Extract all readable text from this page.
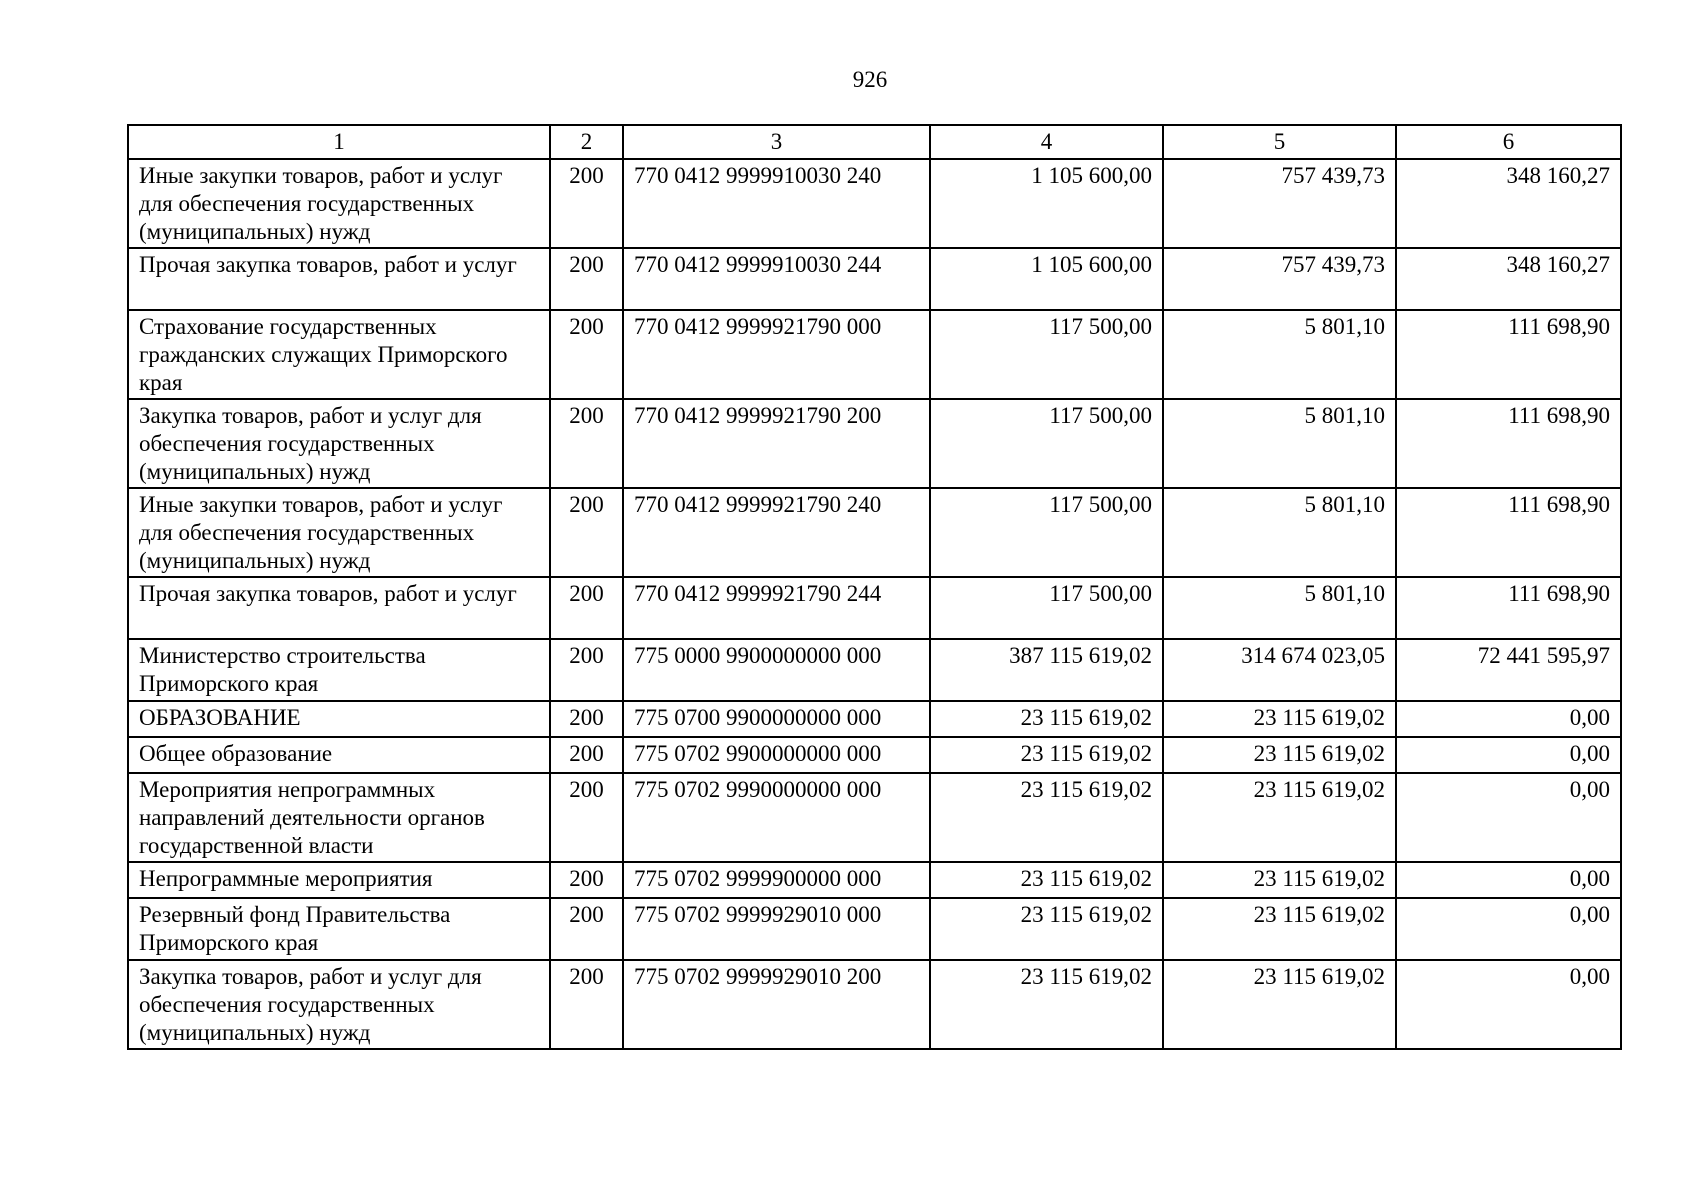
926
1	2	3	4	5	6
Иные закупки товаров, работ и услуг для обеспечения государственных (муниципальных) нужд	200	770 0412 9999910030 240	1 105 600,00	757 439,73	348 160,27
Прочая закупка товаров, работ и услуг	200	770 0412 9999910030 244	1 105 600,00	757 439,73	348 160,27
Страхование государственных гражданских служащих Приморского края	200	770 0412 9999921790 000	117 500,00	5 801,10	111 698,90
Закупка товаров, работ и услуг для обеспечения государственных (муниципальных) нужд	200	770 0412 9999921790 200	117 500,00	5 801,10	111 698,90
Иные закупки товаров, работ и услуг для обеспечения государственных (муниципальных) нужд	200	770 0412 9999921790 240	117 500,00	5 801,10	111 698,90
Прочая закупка товаров, работ и услуг	200	770 0412 9999921790 244	117 500,00	5 801,10	111 698,90
Министерство строительства Приморского края	200	775 0000 9900000000 000	387 115 619,02	314 674 023,05	72 441 595,97
ОБРАЗОВАНИЕ	200	775 0700 9900000000 000	23 115 619,02	23 115 619,02	0,00
Общее образование	200	775 0702 9900000000 000	23 115 619,02	23 115 619,02	0,00
Мероприятия непрограммных направлений деятельности органов государственной власти	200	775 0702 9990000000 000	23 115 619,02	23 115 619,02	0,00
Непрограммные мероприятия	200	775 0702 9999900000 000	23 115 619,02	23 115 619,02	0,00
Резервный фонд Правительства Приморского края	200	775 0702 9999929010 000	23 115 619,02	23 115 619,02	0,00
Закупка товаров, работ и услуг для обеспечения государственных (муниципальных) нужд	200	775 0702 9999929010 200	23 115 619,02	23 115 619,02	0,00
